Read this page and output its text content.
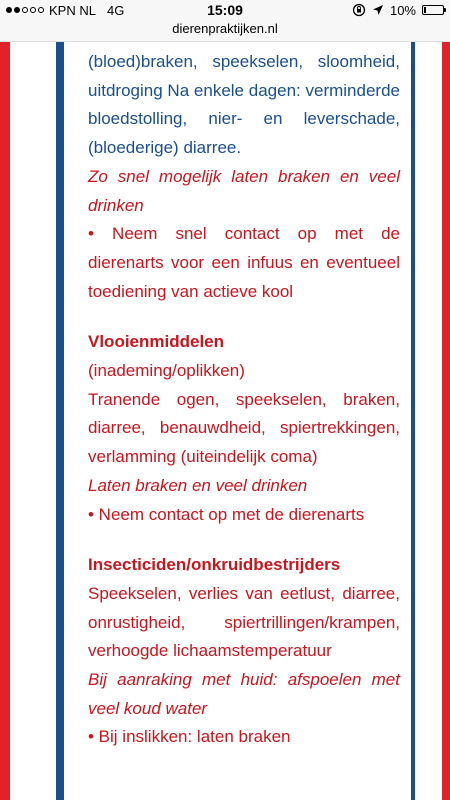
KPN NL 4G	15:09	10%
dierenpraktijken.nl

(bloed)braken, speekselen, sloomheid, uitdroging Na enkele dagen: verminderde bloedstolling, nier- en leverschade, (bloederige) diarree.

Zo snel mogelijk laten braken en veel drinken

• Neem snel contact op met de dierenarts voor een infuus en eventueel toediening van actieve kool

Vlooienmiddelen

(inademing/oplikken)

Tranende ogen, speekselen, braken, diarree, benauwdheid, spiertrekkingen, verlamming (uiteindelijk coma)

Laten braken en veel drinken

• Neem contact op met de dierenarts

Insecticiden/onkruidbestrijders

Speekselen, verlies van eetlust, diarree, onrustigheid, spiertrillingen/krampen, verhoogde lichaamstemperatuur

Bij aanraking met huid: afspoelen met veel koud water

• Bij inslikken: laten braken
